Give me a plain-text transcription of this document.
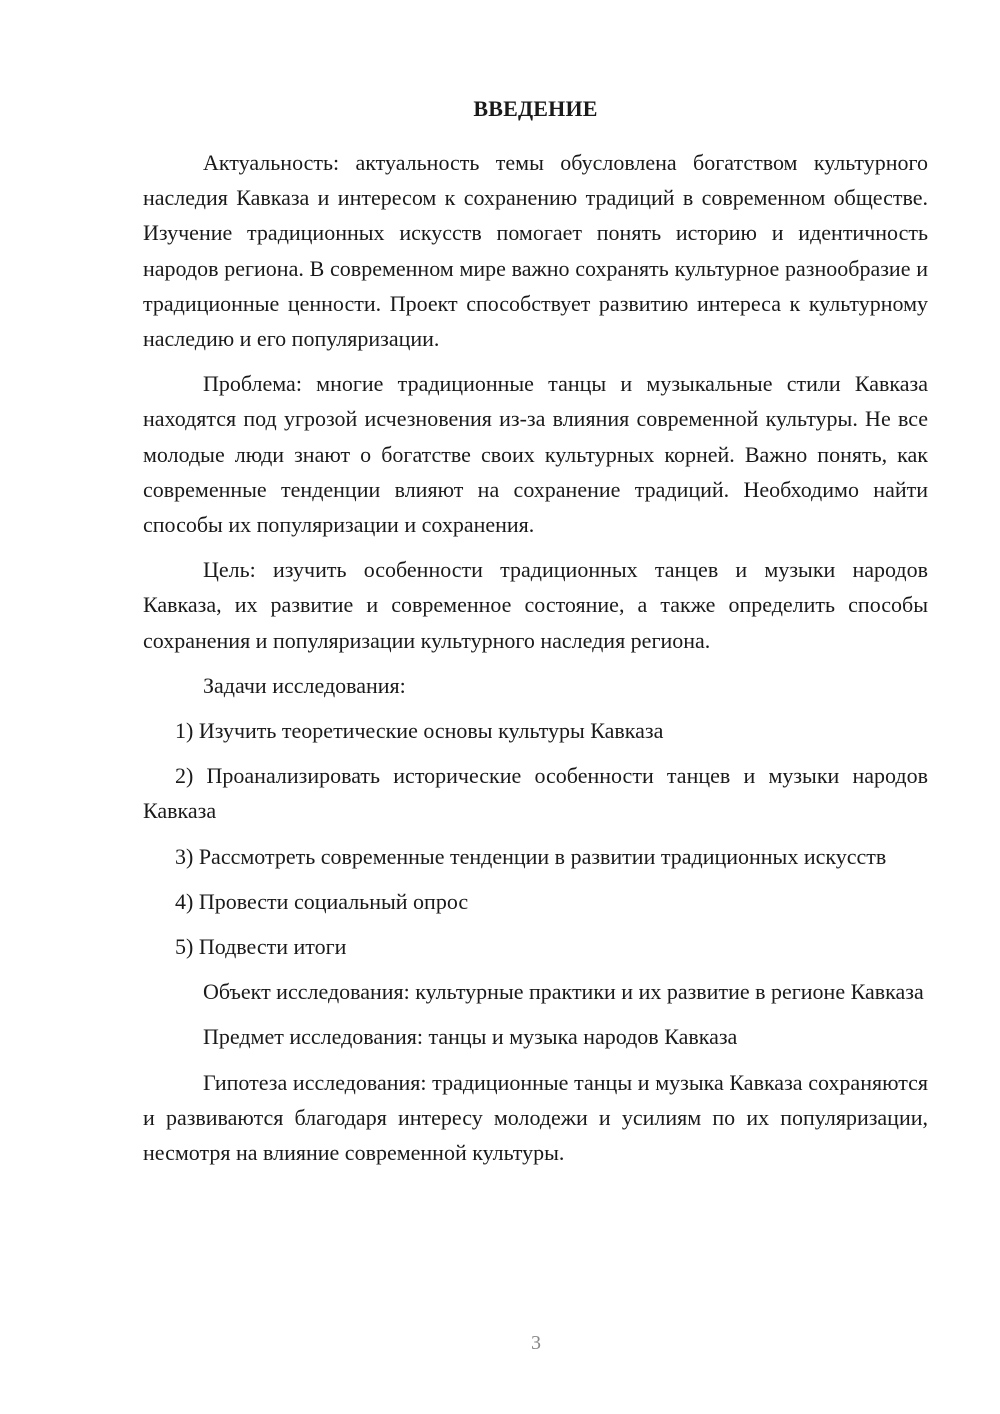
ВВЕДЕНИЕ

Актуальность: актуальность темы обусловлена богатством культурного наследия Кавказа и интересом к сохранению традиций в современном обществе. Изучение традиционных искусств помогает понять историю и идентичность народов региона. В современном мире важно сохранять культурное разнообразие и традиционные ценности. Проект способствует развитию интереса к культурному наследию и его популяризации.

Проблема: многие традиционные танцы и музыкальные стили Кавказа находятся под угрозой исчезновения из-за влияния современной культуры. Не все молодые люди знают о богатстве своих культурных корней. Важно понять, как современные тенденции влияют на сохранение традиций. Необходимо найти способы их популяризации и сохранения.

Цель: изучить особенности традиционных танцев и музыки народов Кавказа, их развитие и современное состояние, а также определить способы сохранения и популяризации культурного наследия региона.

Задачи исследования:

1) Изучить теоретические основы культуры Кавказа

2) Проанализировать исторические особенности танцев и музыки народов Кавказа

3) Рассмотреть современные тенденции в развитии традиционных искусств

4) Провести социальный опрос

5) Подвести итоги

Объект исследования: культурные практики и их развитие в регионе Кавказа

Предмет исследования: танцы и музыка народов Кавказа

Гипотеза исследования: традиционные танцы и музыка Кавказа сохраняются и развиваются благодаря интересу молодежи и усилиям по их популяризации, несмотря на влияние современной культуры.

3
